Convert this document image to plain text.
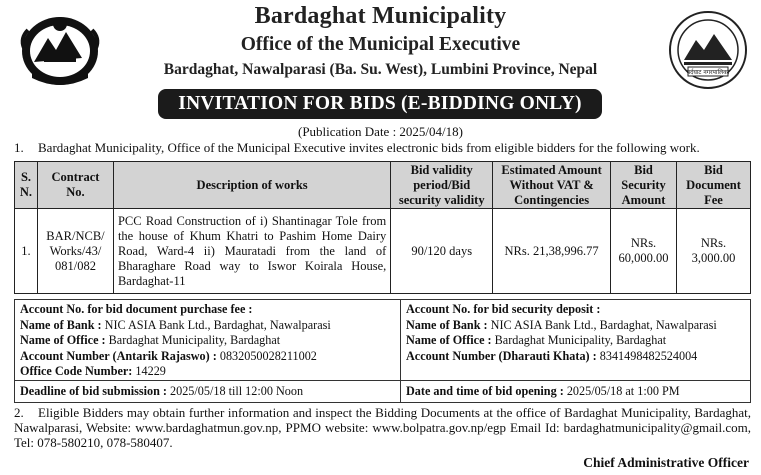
Bardaghat Municipality
Office of the Municipal Executive
Bardaghat, Nawalparasi (Ba. Su. West), Lumbini Province, Nepal	बर्दघाट नगरपालिका
INVITATION FOR BIDS (E-BIDDING ONLY)
(Publication Date : 2025/04/18)
1. Bardaghat Municipality, Office of the Municipal Executive invites electronic bids from eligible bidders for the following work.
S. N.	Contract No.	Description of works	Bid validity period/Bid security validity	Estimated Amount Without VAT & Contingencies	Bid Security Amount	Bid Document Fee
1.	BAR/NCB/ Works/43/ 081/082	PCC Road Construction of i) Shantinagar Tole from the house of Khum Khatri to Pashim Home Dairy Road, Ward-4 ii) Mauratadi from the land of Bharaghare Road way to Iswor Koirala House, Bardaghat-11	90/120 days	NRs. 21,38,996.77	NRs. 60,000.00	NRs. 3,000.00
Account No. for bid document purchase fee :
Name of Bank : NIC ASIA Bank Ltd., Bardaghat, Nawalparasi
Name of Office : Bardaghat Municipality, Bardaghat
Account Number (Antarik Rajaswo) : 0832050028211002
Office Code Number: 14229
Account No. for bid security deposit :
Name of Bank : NIC ASIA Bank Ltd., Bardaghat, Nawalparasi
Name of Office : Bardaghat Municipality, Bardaghat
Account Number (Dharauti Khata) : 8341498482524004
Deadline of bid submission : 2025/05/18 till 12:00 Noon	Date and time of bid opening : 2025/05/18 at 1:00 PM
2. Eligible Bidders may obtain further information and inspect the Bidding Documents at the office of Bardaghat Municipality, Bardaghat, Nawalparasi, Website: www.bardaghatmun.gov.np, PPMO website: www.bolpatra.gov.np/egp Email Id: bardaghatmunicipality@gmail.com, Tel: 078-580210, 078-580407.
Chief Administrative Officer
